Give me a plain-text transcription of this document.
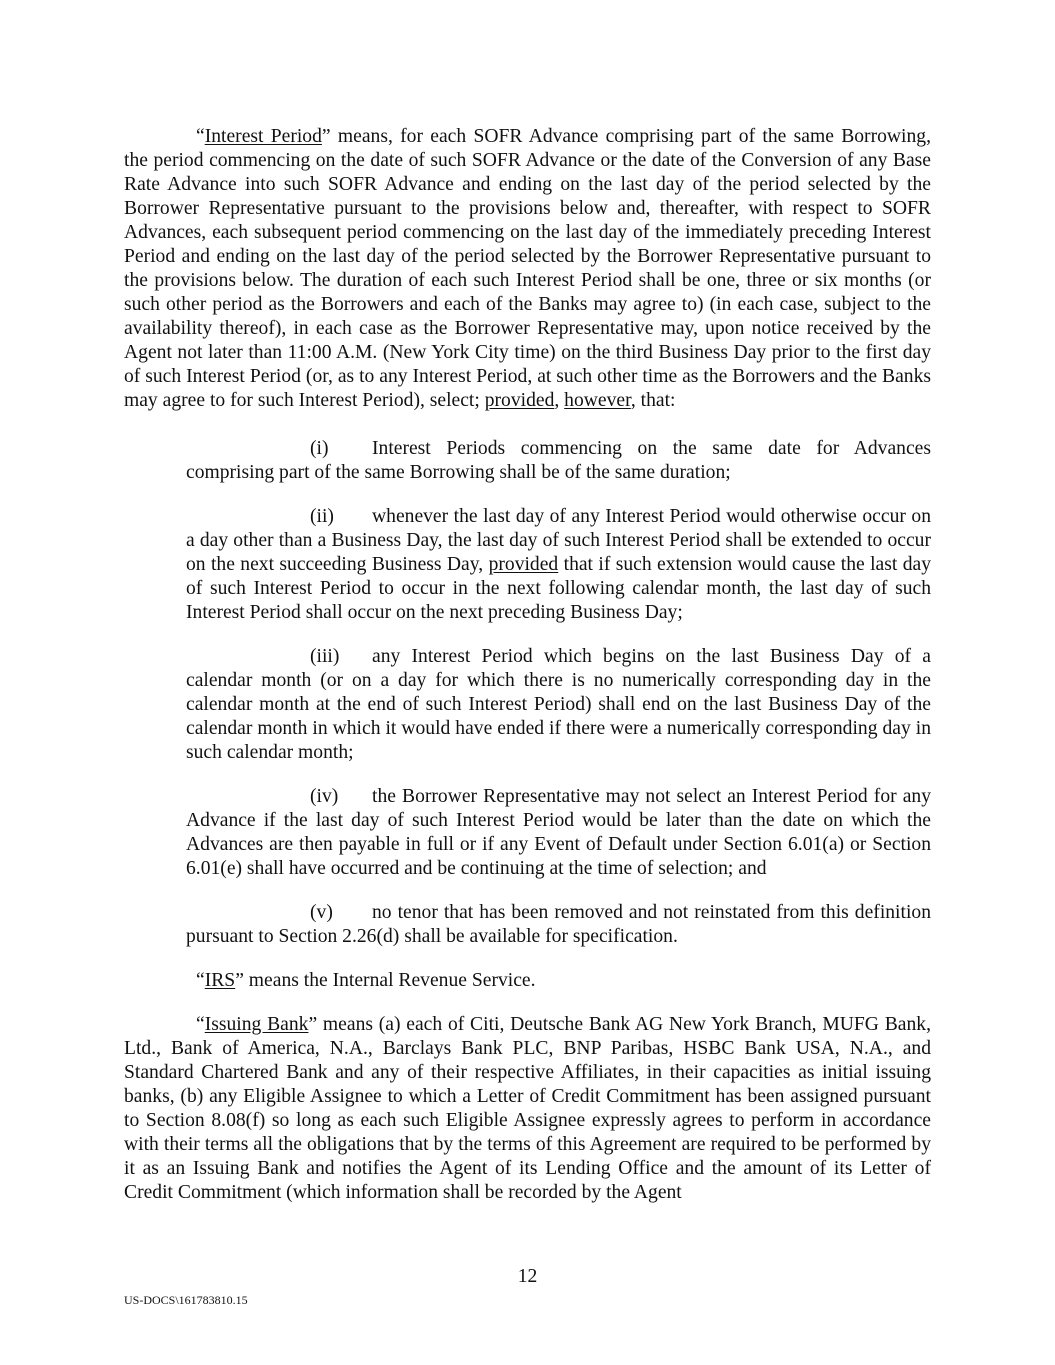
“Interest Period” means, for each SOFR Advance comprising part of the same Borrowing, the period commencing on the date of such SOFR Advance or the date of the Conversion of any Base Rate Advance into such SOFR Advance and ending on the last day of the period selected by the Borrower Representative pursuant to the provisions below and, thereafter, with respect to SOFR Advances, each subsequent period commencing on the last day of the immediately preceding Interest Period and ending on the last day of the period selected by the Borrower Representative pursuant to the provisions below. The duration of each such Interest Period shall be one, three or six months (or such other period as the Borrowers and each of the Banks may agree to) (in each case, subject to the availability thereof), in each case as the Borrower Representative may, upon notice received by the Agent not later than 11:00 A.M. (New York City time) on the third Business Day prior to the first day of such Interest Period (or, as to any Interest Period, at such other time as the Borrowers and the Banks may agree to for such Interest Period), select; provided, however, that:

(i) Interest Periods commencing on the same date for Advances comprising part of the same Borrowing shall be of the same duration;

(ii) whenever the last day of any Interest Period would otherwise occur on a day other than a Business Day, the last day of such Interest Period shall be extended to occur on the next succeeding Business Day, provided that if such extension would cause the last day of such Interest Period to occur in the next following calendar month, the last day of such Interest Period shall occur on the next preceding Business Day;

(iii) any Interest Period which begins on the last Business Day of a calendar month (or on a day for which there is no numerically corresponding day in the calendar month at the end of such Interest Period) shall end on the last Business Day of the calendar month in which it would have ended if there were a numerically corresponding day in such calendar month;

(iv) the Borrower Representative may not select an Interest Period for any Advance if the last day of such Interest Period would be later than the date on which the Advances are then payable in full or if any Event of Default under Section 6.01(a) or Section 6.01(e) shall have occurred and be continuing at the time of selection; and

(v) no tenor that has been removed and not reinstated from this definition pursuant to Section 2.26(d) shall be available for specification.

“IRS” means the Internal Revenue Service.

“Issuing Bank” means (a) each of Citi, Deutsche Bank AG New York Branch, MUFG Bank, Ltd., Bank of America, N.A., Barclays Bank PLC, BNP Paribas, HSBC Bank USA, N.A., and Standard Chartered Bank and any of their respective Affiliates, in their capacities as initial issuing banks, (b) any Eligible Assignee to which a Letter of Credit Commitment has been assigned pursuant to Section 8.08(f) so long as each such Eligible Assignee expressly agrees to perform in accordance with their terms all the obligations that by the terms of this Agreement are required to be performed by it as an Issuing Bank and notifies the Agent of its Lending Office and the amount of its Letter of Credit Commitment (which information shall be recorded by the Agent

12
US-DOCS\161783810.15
